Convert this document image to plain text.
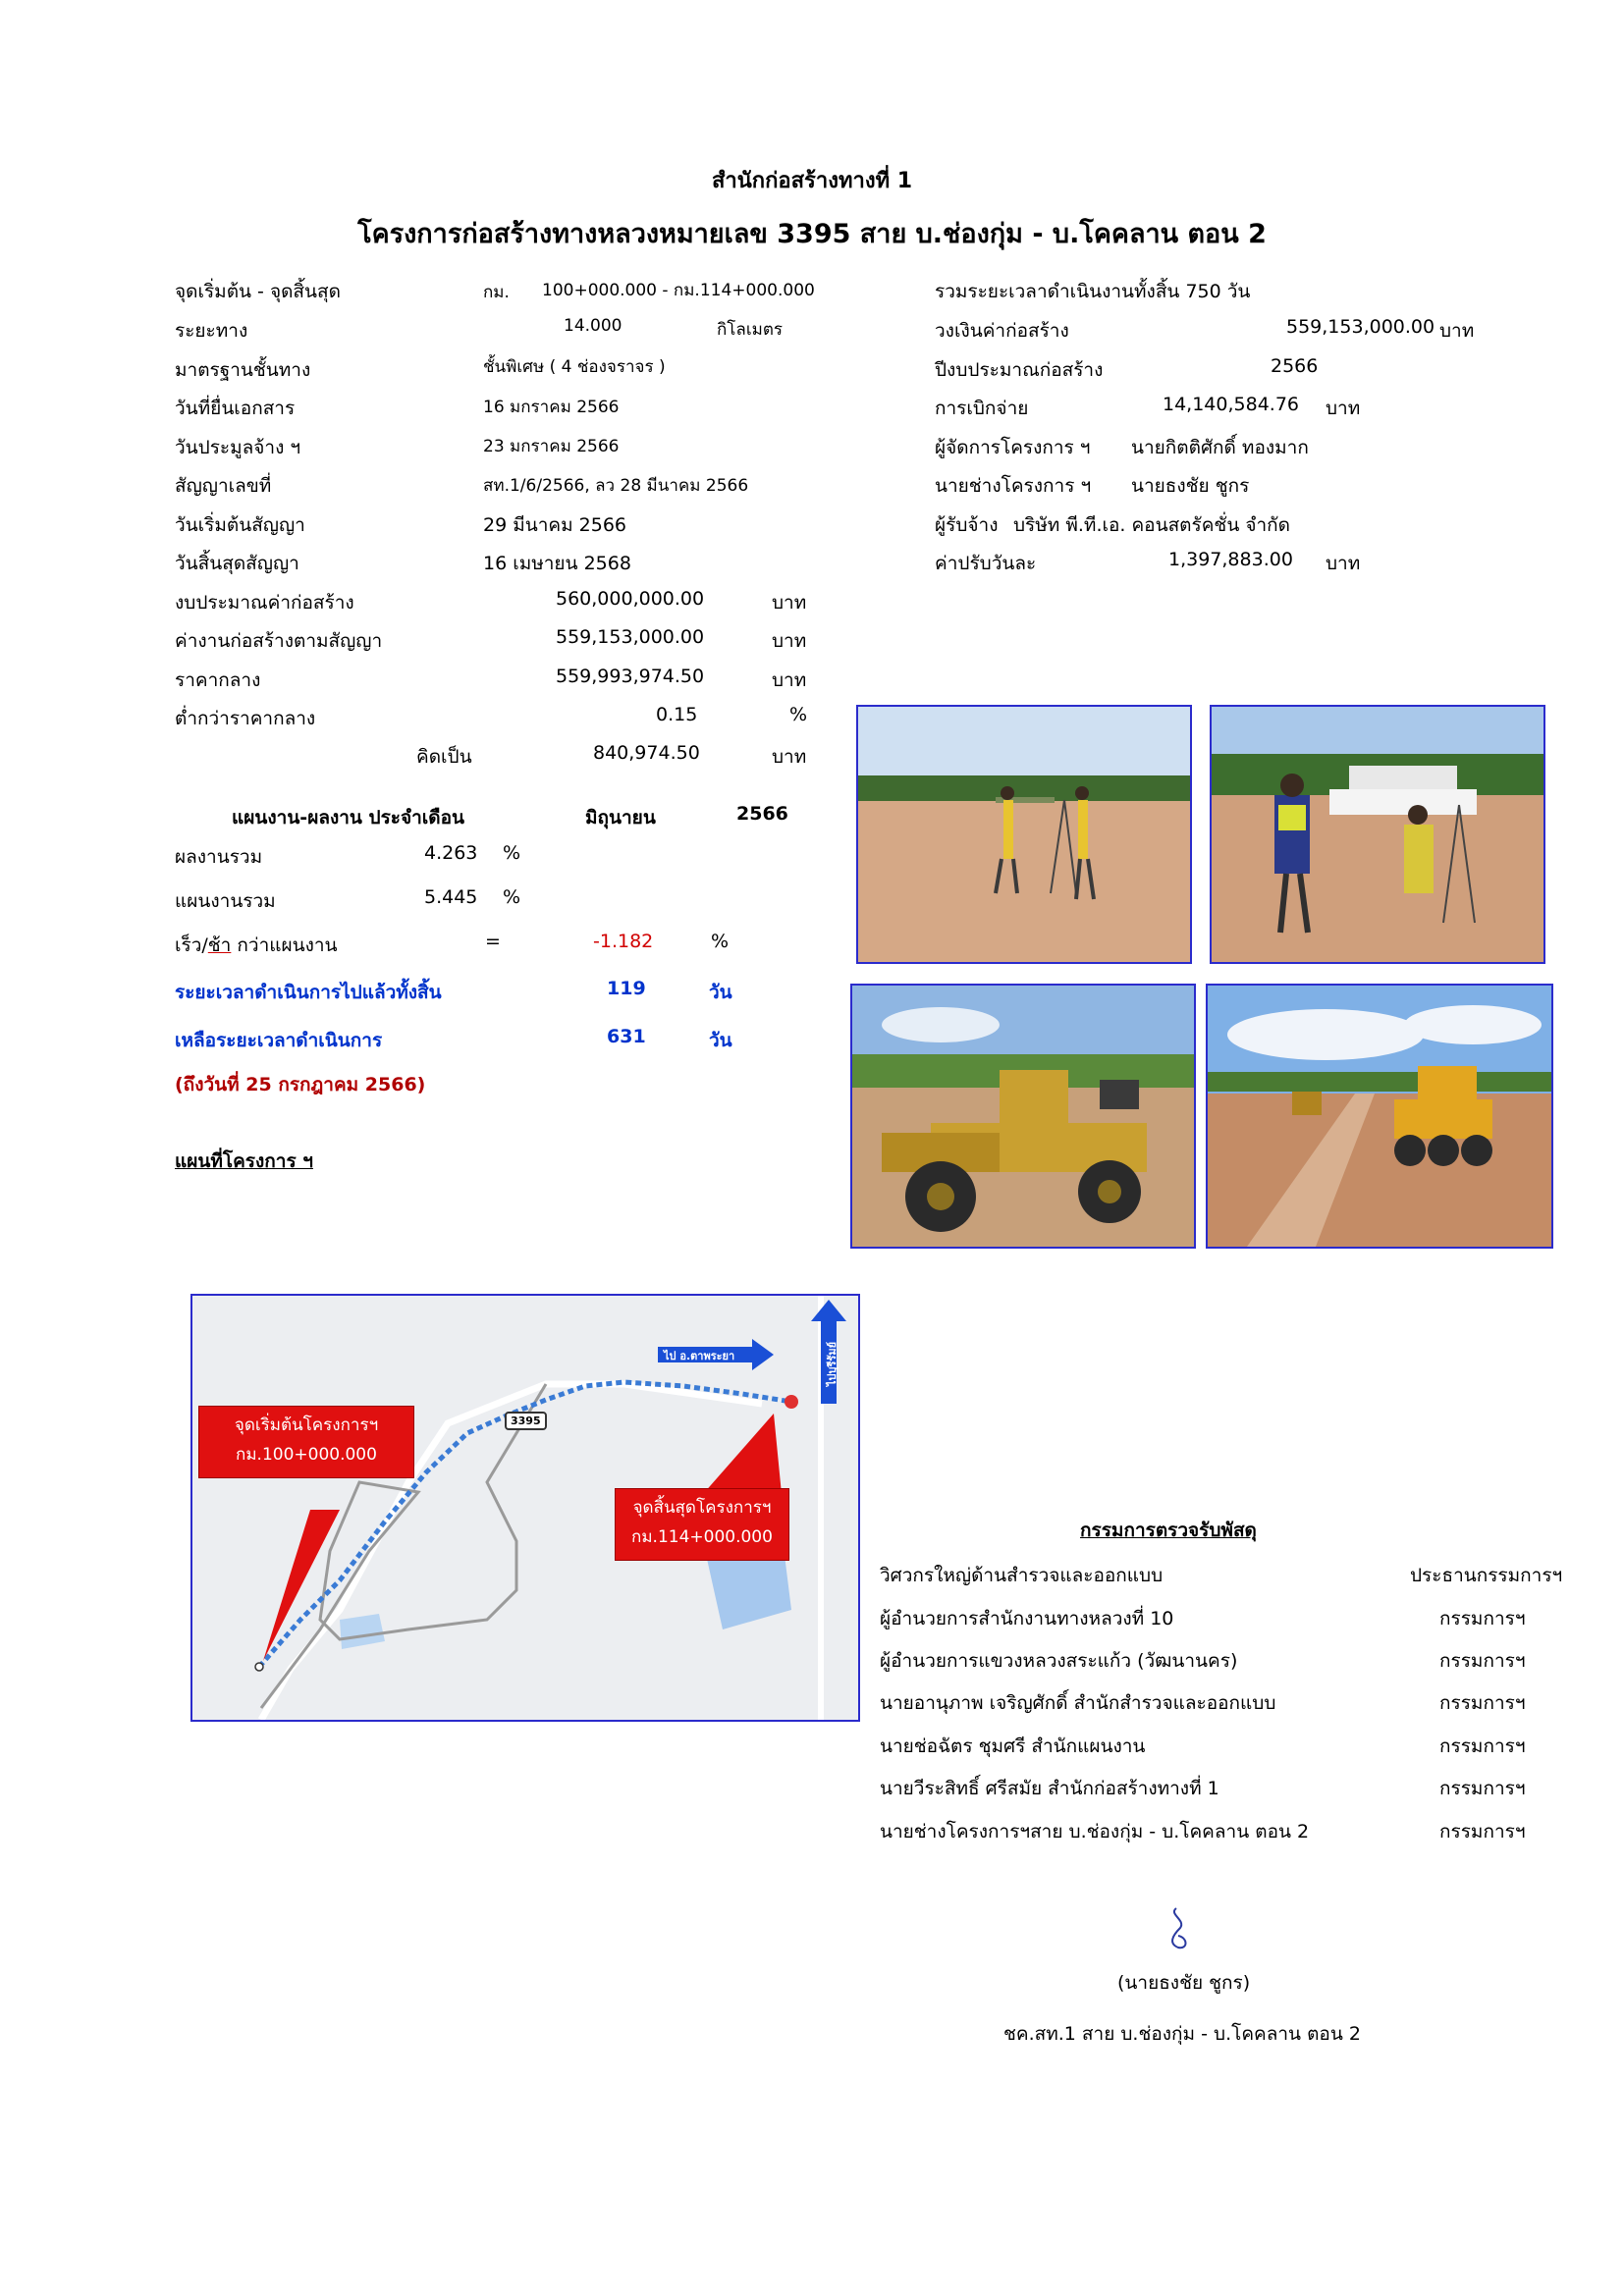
สำนักก่อสร้างทางที่ 1
โครงการก่อสร้างทางหลวงหมายเลข 3395 สาย บ.ช่องกุ่ม - บ.โคคลาน ตอน 2
จุดเริ่มต้น - จุดสิ้นสุด	กม. 100+000.000 - กม.114+000.000
ระยะทาง	14.000	กิโลเมตร
มาตรฐานชั้นทาง	ชั้นพิเศษ ( 4 ช่องจราจร )
วันที่ยื่นเอกสาร	16 มกราคม 2566
วันประมูลจ้าง ฯ	23 มกราคม 2566
สัญญาเลขที่	สท.1/6/2566, ลว 28 มีนาคม 2566
วันเริ่มต้นสัญญา	29 มีนาคม 2566
วันสิ้นสุดสัญญา	16 เมษายน 2568
รวมระยะเวลาดำเนินงานทั้งสิ้น 750 วัน
วงเงินค่าก่อสร้าง	559,153,000.00 บาท
ปีงบประมาณก่อสร้าง	2566
การเบิกจ่าย	14,140,584.76 บาท
ผู้จัดการโครงการ ฯ นายกิตติศักดิ์ ทองมาก
นายช่างโครงการ ฯ นายธงชัย ชูกร
ผู้รับจ้าง บริษัท พี.ที.เอ. คอนสตรัคชั่น จำกัด
ค่าปรับวันละ	1,397,883.00 บาท
งบประมาณค่าก่อสร้าง	560,000,000.00	บาท
ค่างานก่อสร้างตามสัญญา	559,153,000.00	บาท
ราคากลาง	559,993,974.50	บาท
ต่ำกว่าราคากลาง	0.15	%
คิดเป็น	840,974.50	บาท
แผนงาน-ผลงาน ประจำเดือน	มิถุนายน	2566
ผลงานรวม	4.263 %
แผนงานรวม	5.445 %
เร็ว/ช้า กว่าแผนงาน	=	-1.182	%
ระยะเวลาดำเนินการไปแล้วทั้งสิ้น	119	วัน
เหลือระยะเวลาดำเนินการ	631	วัน
(ถึงวันที่ 25 กรกฎาคม 2566)
แผนที่โครงการ ฯ
ไป อ.ตาพระยา	ไปบุรีรัมย์
3395
จุดเริ่มต้นโครงการฯ
กม.100+000.000
จุดสิ้นสุดโครงการฯ
กม.114+000.000	กรรมการตรวจรับพัสดุ
วิศวกรใหญ่ด้านสำรวจและออกแบบ	ประธานกรรมการฯ
ผู้อำนวยการสำนักงานทางหลวงที่ 10	กรรมการฯ
ผู้อำนวยการแขวงหลวงสระแก้ว (วัฒนานคร)	กรรมการฯ
นายอานุภาพ เจริญศักดิ์ สำนักสำรวจและออกแบบ	กรรมการฯ
นายช่อฉัตร ชุมศรี สำนักแผนงาน	กรรมการฯ
นายวีระสิทธิ์ ศรีสมัย สำนักก่อสร้างทางที่ 1	กรรมการฯ
นายช่างโครงการฯสาย บ.ช่องกุ่ม - บ.โคคลาน ตอน 2	กรรมการฯ
(นายธงชัย ชูกร)
ชค.สท.1 สาย บ.ช่องกุ่ม - บ.โคคลาน ตอน 2
